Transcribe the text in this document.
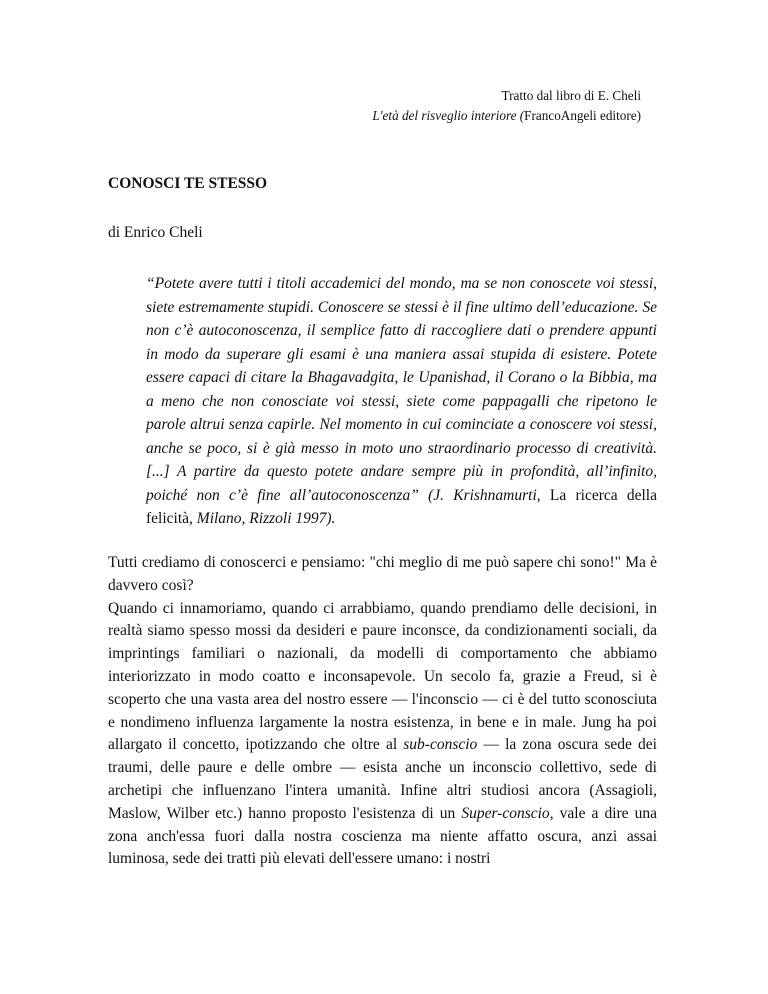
Tratto dal libro di E. Cheli
L'età del risveglio interiore (FrancoAngeli editore)
CONOSCI TE STESSO
di Enrico Cheli
“Potete avere tutti i titoli accademici del mondo, ma se non conoscete voi stessi, siete estremamente stupidi. Conoscere se stessi è il fine ultimo dell’educazione. Se non c’è autoconoscenza, il semplice fatto di raccogliere dati o prendere appunti in modo da superare gli esami è una maniera assai stupida di esistere. Potete essere capaci di citare la Bhagavadgita, le Upanishad, il Corano o la Bibbia, ma a meno che non conosciate voi stessi, siete come pappagalli che ripetono le parole altrui senza capirle. Nel momento in cui cominciate a conoscere voi stessi, anche se poco, si è già messo in moto uno straordinario processo di creatività. [...] A partire da questo potete andare sempre più in profondità, all’infinito, poiché non c’è fine all’autoconoscenza” (J. Krishnamurti, La ricerca della felicità, Milano, Rizzoli 1997).

Tutti crediamo di conoscerci e pensiamo: "chi meglio di me può sapere chi sono!" Ma è davvero così?

Quando ci innamoriamo, quando ci arrabbiamo, quando prendiamo delle decisioni, in realtà siamo spesso mossi da desideri e paure inconsce, da condizionamenti sociali, da imprintings familiari o nazionali, da modelli di comportamento che abbiamo interiorizzato in modo coatto e inconsapevole. Un secolo fa, grazie a Freud, si è scoperto che una vasta area del nostro essere — l'inconscio — ci è del tutto sconosciuta e nondimeno influenza largamente la nostra esistenza, in bene e in male. Jung ha poi allargato il concetto, ipotizzando che oltre al sub-conscio — la zona oscura sede dei traumi, delle paure e delle ombre — esista anche un inconscio collettivo, sede di archetipi che influenzano l'intera umanità. Infine altri studiosi ancora (Assagioli, Maslow, Wilber etc.) hanno proposto l'esistenza di un Super-conscio, vale a dire una zona anch'essa fuori dalla nostra coscienza ma niente affatto oscura, anzi assai luminosa, sede dei tratti più elevati dell'essere umano: i nostri
